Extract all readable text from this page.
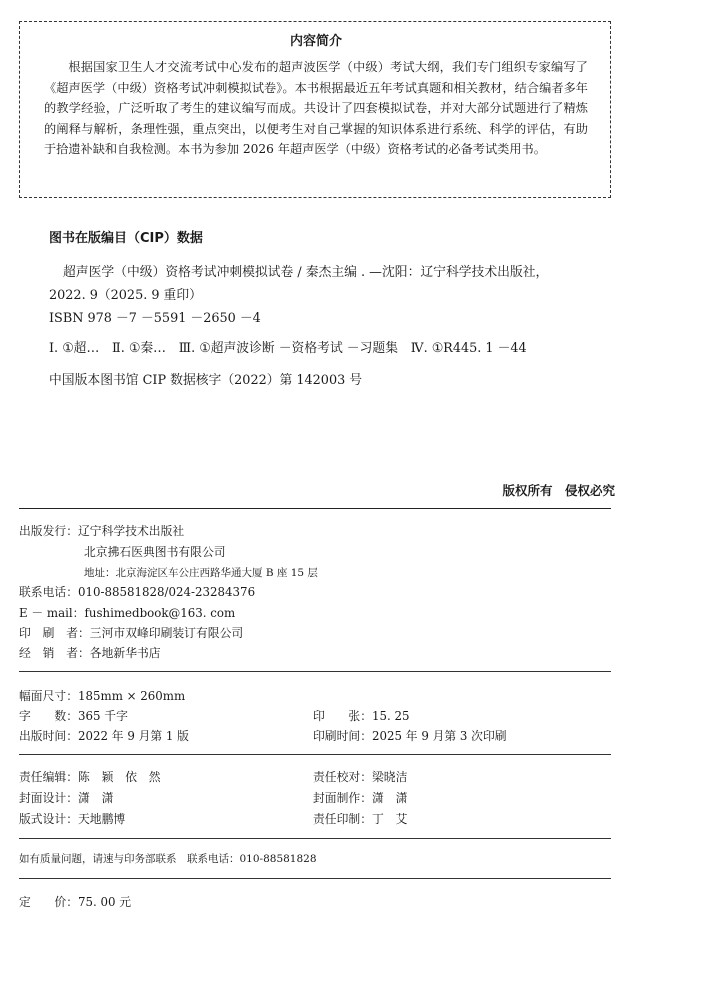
内容简介

根据国家卫生人才交流考试中心发布的超声波医学（中级）考试大纲，我们专门组织专家编写了《超声医学（中级）资格考试冲刺模拟试卷》。本书根据最近五年考试真题和相关教材，结合编者多年的教学经验，广泛听取了考生的建议编写而成。共设计了四套模拟试卷，并对大部分试题进行了精炼的阐释与解析，条理性强，重点突出，以便考生对自己掌握的知识体系进行系统、科学的评估，有助于拾遗补缺和自我检测。本书为参加 2026 年超声医学（中级）资格考试的必备考试类用书。

图书在版编目（CIP）数据
超声医学（中级）资格考试冲刺模拟试卷 / 秦杰主编 . —沈阳：辽宁科学技术出版社，
2022. 9（2025. 9 重印）
ISBN 978 －7 －5591 －2650 －4
Ⅰ. ①超…　Ⅱ. ①秦…　Ⅲ. ①超声波诊断 －资格考试 －习题集　Ⅳ. ①R445. 1 －44
中国版本图书馆 CIP 数据核字（2022）第 142003 号
版权所有　侵权必究
出版发行：辽宁科学技术出版社
北京拂石医典图书有限公司
地址：北京海淀区车公庄西路华通大厦 B 座 15 层
联系电话：010-88581828/024-23284376
E － mail：fushimedbook@163. com
印　刷　者：三河市双峰印刷装订有限公司
经　销　者：各地新华书店
幅面尺寸：185mm × 260mm
字　　数：365 千字	印　　张：15. 25
出版时间：2022 年 9 月第 1 版	印刷时间：2025 年 9 月第 3 次印刷
责任编辑：陈　颖　依　然	责任校对：梁晓洁
封面设计：潇　潇	封面制作：潇　潇
版式设计：天地鹏博	责任印制：丁　艾
如有质量问题，请速与印务部联系　联系电话：010-88581828
定　　价：75. 00 元
